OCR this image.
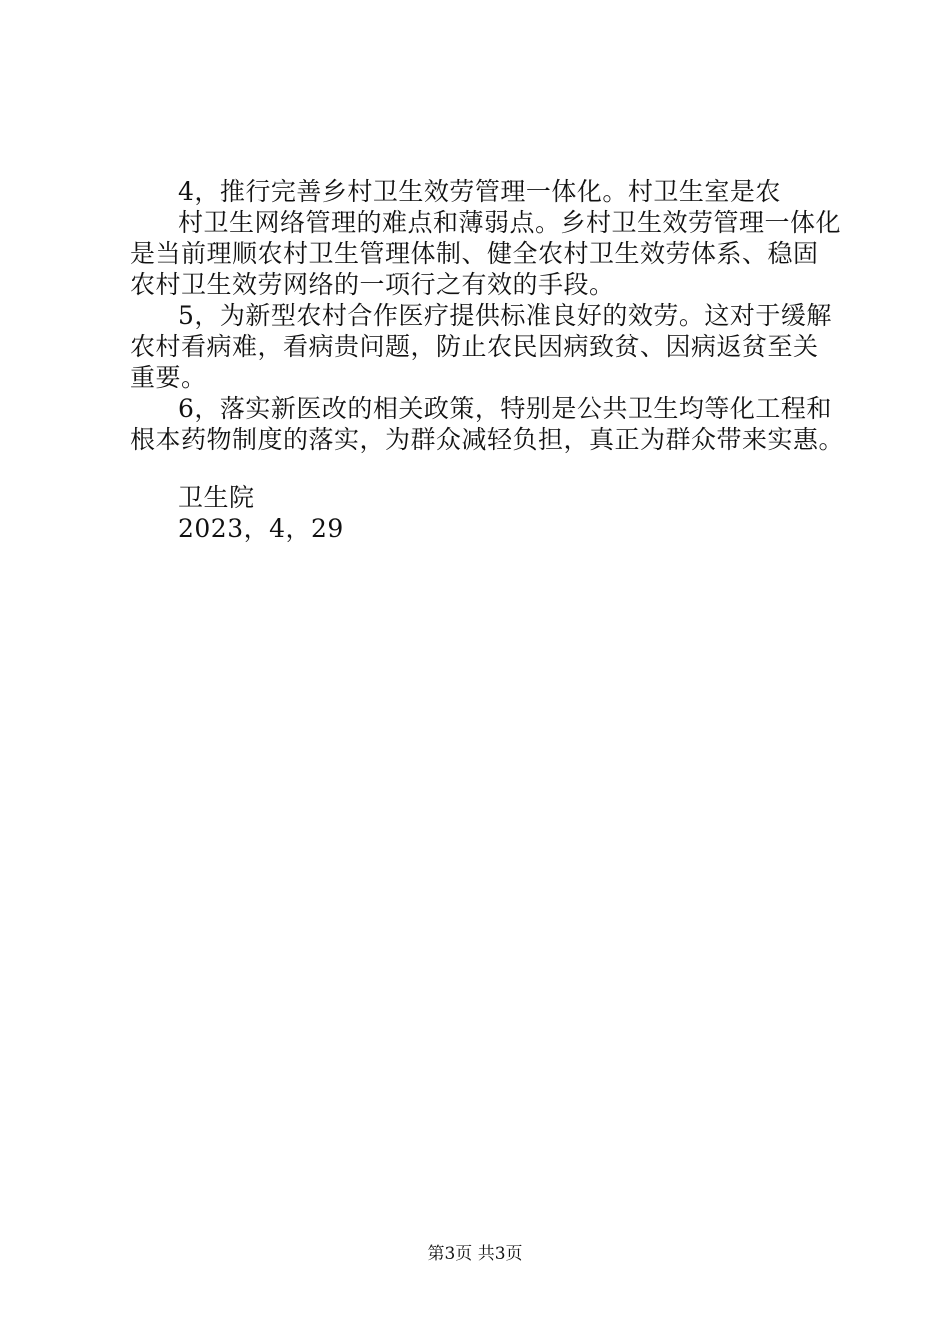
4，推行完善乡村卫生效劳管理一体化。村卫生室是农
村卫生网络管理的难点和薄弱点。乡村卫生效劳管理一体化
是当前理顺农村卫生管理体制、健全农村卫生效劳体系、稳固
农村卫生效劳网络的一项行之有效的手段。
5，为新型农村合作医疗提供标准良好的效劳。这对于缓解
农村看病难，看病贵问题，防止农民因病致贫、因病返贫至关
重要。
6，落实新医改的相关政策，特别是公共卫生均等化工程和
根本药物制度的落实，为群众减轻负担，真正为群众带来实惠。
卫生院
2023，4，29
第3页 共3页
